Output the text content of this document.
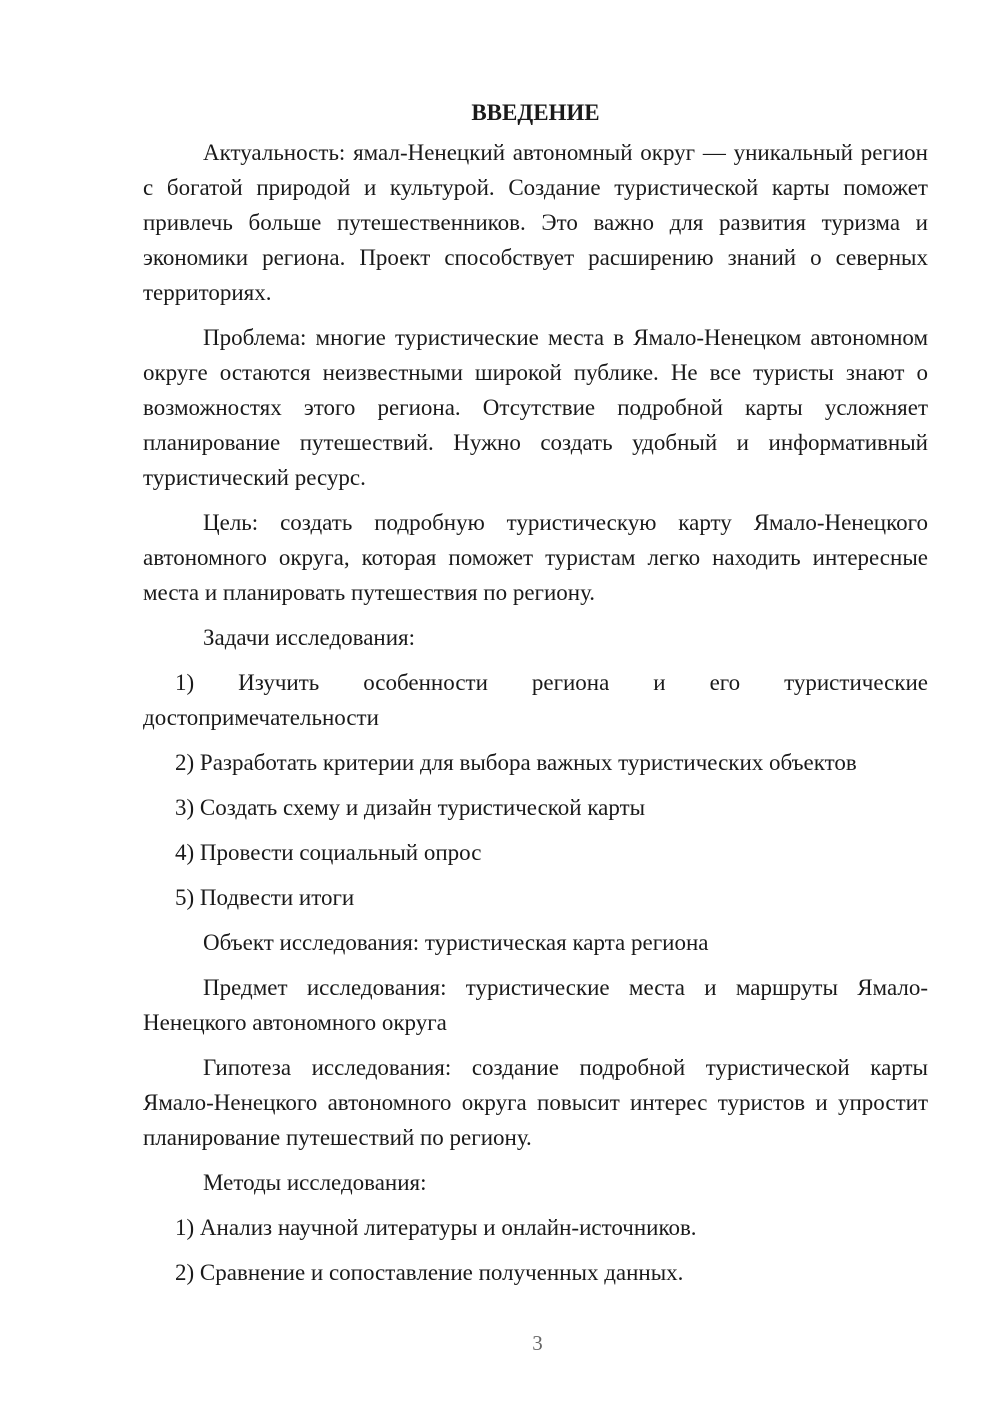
ВВЕДЕНИЕ

Актуальность: ямал-Ненецкий автономный округ — уникальный регион с богатой природой и культурой. Создание туристической карты поможет привлечь больше путешественников. Это важно для развития туризма и экономики региона. Проект способствует расширению знаний о северных территориях.

Проблема: многие туристические места в Ямало-Ненецком автономном округе остаются неизвестными широкой публике. Не все туристы знают о возможностях этого региона. Отсутствие подробной карты усложняет планирование путешествий. Нужно создать удобный и информативный туристический ресурс.

Цель: создать подробную туристическую карту Ямало-Ненецкого автономного округа, которая поможет туристам легко находить интересные места и планировать путешествия по региону.

Задачи исследования:

1) Изучить особенности региона и его туристические достопримечательности
2) Разработать критерии для выбора важных туристических объектов
3) Создать схему и дизайн туристической карты
4) Провести социальный опрос
5) Подвести итоги

Объект исследования: туристическая карта региона

Предмет исследования: туристические места и маршруты Ямало-Ненецкого автономного округа

Гипотеза исследования: создание подробной туристической карты Ямало-Ненецкого автономного округа повысит интерес туристов и упростит планирование путешествий по региону.

Методы исследования:

1) Анализ научной литературы и онлайн-источников.
2) Сравнение и сопоставление полученных данных.
3
